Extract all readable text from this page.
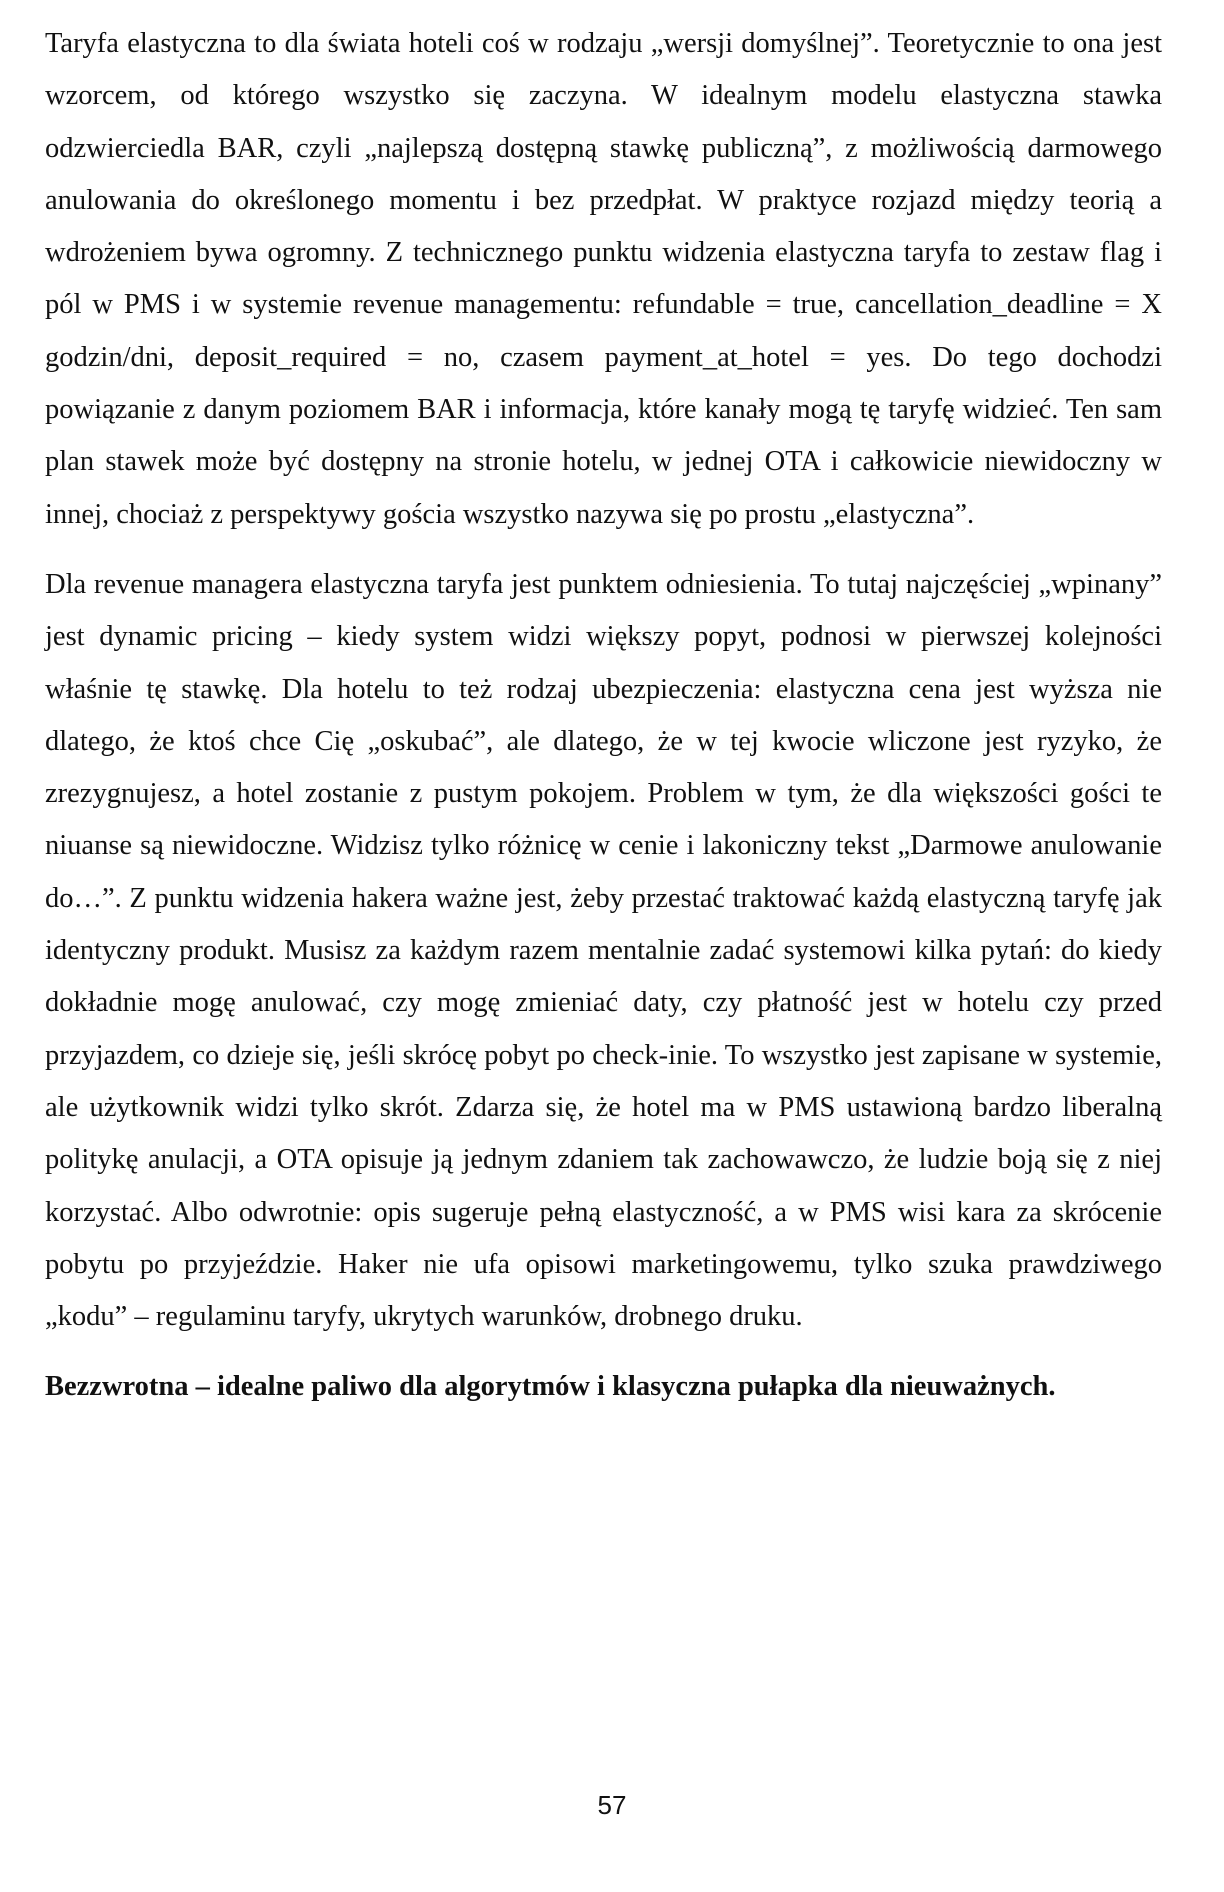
Taryfa elastyczna to dla świata hoteli coś w rodzaju „wersji domyślnej”. Teoretycznie to ona jest wzorcem, od którego wszystko się zaczyna. W idealnym modelu elastyczna stawka odzwierciedla BAR, czyli „najlepszą dostępną stawkę publiczną”, z możliwością darmowego anulowania do określonego momentu i bez przedpłat. W praktyce rozjazd między teorią a wdrożeniem bywa ogromny. Z technicznego punktu widzenia elastyczna taryfa to zestaw flag i pól w PMS i w systemie revenue managementu: refundable = true, cancellation_deadline = X godzin/dni, deposit_required = no, czasem payment_at_hotel = yes. Do tego dochodzi powiązanie z danym poziomem BAR i informacja, które kanały mogą tę taryfę widzieć. Ten sam plan stawek może być dostępny na stronie hotelu, w jednej OTA i całkowicie niewidoczny w innej, chociaż z perspektywy gościa wszystko nazywa się po prostu „elastyczna”.

Dla revenue managera elastyczna taryfa jest punktem odniesienia. To tutaj najczęściej „wpinany” jest dynamic pricing – kiedy system widzi większy popyt, podnosi w pierwszej kolejności właśnie tę stawkę. Dla hotelu to też rodzaj ubezpieczenia: elastyczna cena jest wyższa nie dlatego, że ktoś chce Cię „oskubać”, ale dlatego, że w tej kwocie wliczone jest ryzyko, że zrezygnujesz, a hotel zostanie z pustym pokojem. Problem w tym, że dla większości gości te niuanse są niewidoczne. Widzisz tylko różnicę w cenie i lakoniczny tekst „Darmowe anulowanie do…”. Z punktu widzenia hakera ważne jest, żeby przestać traktować każdą elastyczną taryfę jak identyczny produkt. Musisz za każdym razem mentalnie zadać systemowi kilka pytań: do kiedy dokładnie mogę anulować, czy mogę zmieniać daty, czy płatność jest w hotelu czy przed przyjazdem, co dzieje się, jeśli skrócę pobyt po check-inie. To wszystko jest zapisane w systemie, ale użytkownik widzi tylko skrót. Zdarza się, że hotel ma w PMS ustawioną bardzo liberalną politykę anulacji, a OTA opisuje ją jednym zdaniem tak zachowawczo, że ludzie boją się z niej korzystać. Albo odwrotnie: opis sugeruje pełną elastyczność, a w PMS wisi kara za skrócenie pobytu po przyjeździe. Haker nie ufa opisowi marketingowemu, tylko szuka prawdziwego „kodu” – regulaminu taryfy, ukrytych warunków, drobnego druku.

Bezzwrotna – idealne paliwo dla algorytmów i klasyczna pułapka dla nieuważnych.
57
